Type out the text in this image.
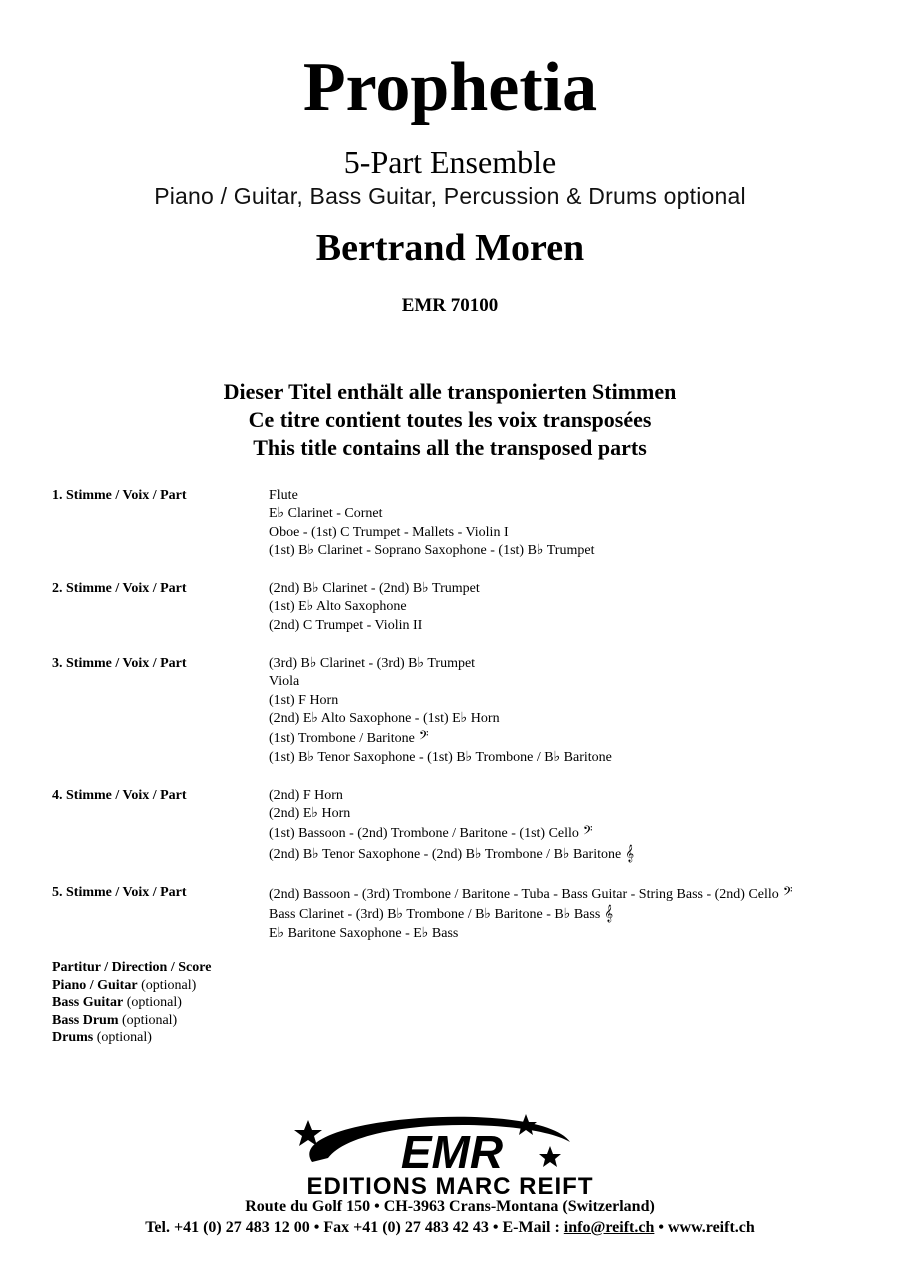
Prophetia
5-Part Ensemble
Piano / Guitar, Bass Guitar, Percussion & Drums optional
Bertrand Moren
EMR 70100
Dieser Titel enthält alle transponierten Stimmen
Ce titre contient toutes les voix transposées
This title contains all the transposed parts
1. Stimme / Voix / Part	Flute
E♭ Clarinet - Cornet
Oboe - (1st) C Trumpet - Mallets - Violin I
(1st) B♭ Clarinet - Soprano Saxophone - (1st) B♭ Trumpet
2. Stimme / Voix / Part	(2nd) B♭ Clarinet - (2nd) B♭ Trumpet
(1st) E♭ Alto Saxophone
(2nd) C Trumpet - Violin II
3. Stimme / Voix / Part	(3rd) B♭ Clarinet - (3rd) B♭ Trumpet
Viola
(1st) F Horn
(2nd) E♭ Alto Saxophone - (1st) E♭ Horn
(1st) Trombone / Baritone 𝄢
(1st) B♭ Tenor Saxophone - (1st) B♭ Trombone / B♭ Baritone
4. Stimme / Voix / Part	(2nd) F Horn
(2nd) E♭ Horn
(1st) Bassoon - (2nd) Trombone / Baritone - (1st) Cello 𝄢
(2nd) B♭ Tenor Saxophone - (2nd) B♭ Trombone / B♭ Baritone 𝄞
5. Stimme / Voix / Part	(2nd) Bassoon - (3rd) Trombone / Baritone - Tuba - Bass Guitar - String Bass - (2nd) Cello 𝄢
Bass Clarinet - (3rd) B♭ Trombone / B♭ Baritone - B♭ Bass 𝄞
E♭ Baritone Saxophone - E♭ Bass
Partitur / Direction / Score
Piano / Guitar (optional)
Bass Guitar (optional)
Bass Drum (optional)
Drums (optional)
EMR
EDITIONS MARC REIFT
Route du Golf 150 • CH-3963 Crans-Montana (Switzerland)
Tel. +41 (0) 27 483 12 00 • Fax +41 (0) 27 483 42 43 • E-Mail : info@reift.ch • www.reift.ch
